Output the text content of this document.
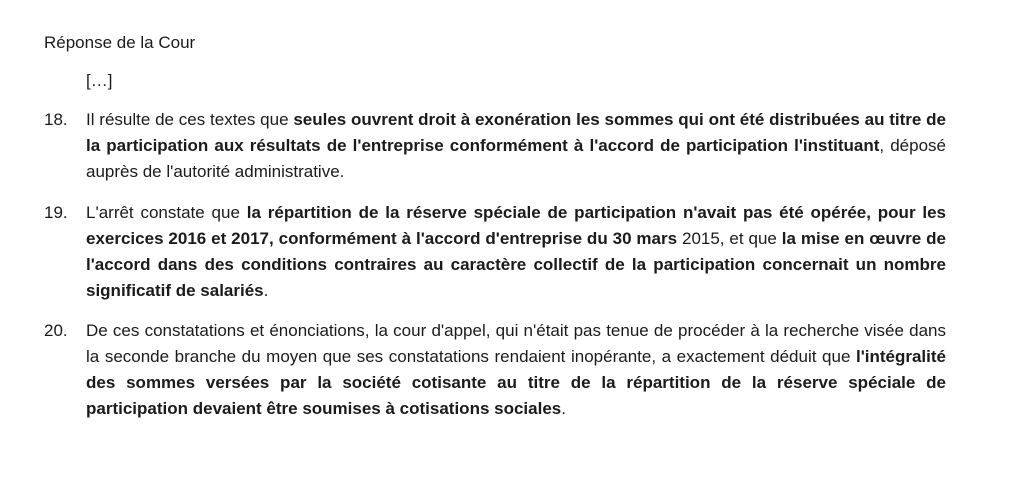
Réponse de la Cour
[…]
18. Il résulte de ces textes que seules ouvrent droit à exonération les sommes qui ont été distribuées au titre de la participation aux résultats de l'entreprise conformément à l'accord de participation l'instituant, déposé auprès de l'autorité administrative.
19. L'arrêt constate que la répartition de la réserve spéciale de participation n'avait pas été opérée, pour les exercices 2016 et 2017, conformément à l'accord d'entreprise du 30 mars 2015, et que la mise en œuvre de l'accord dans des conditions contraires au caractère collectif de la participation concernait un nombre significatif de salariés.
20. De ces constatations et énonciations, la cour d'appel, qui n'était pas tenue de procéder à la recherche visée dans la seconde branche du moyen que ses constatations rendaient inopérante, a exactement déduit que l'intégralité des sommes versées par la société cotisante au titre de la répartition de la réserve spéciale de participation devaient être soumises à cotisations sociales.
